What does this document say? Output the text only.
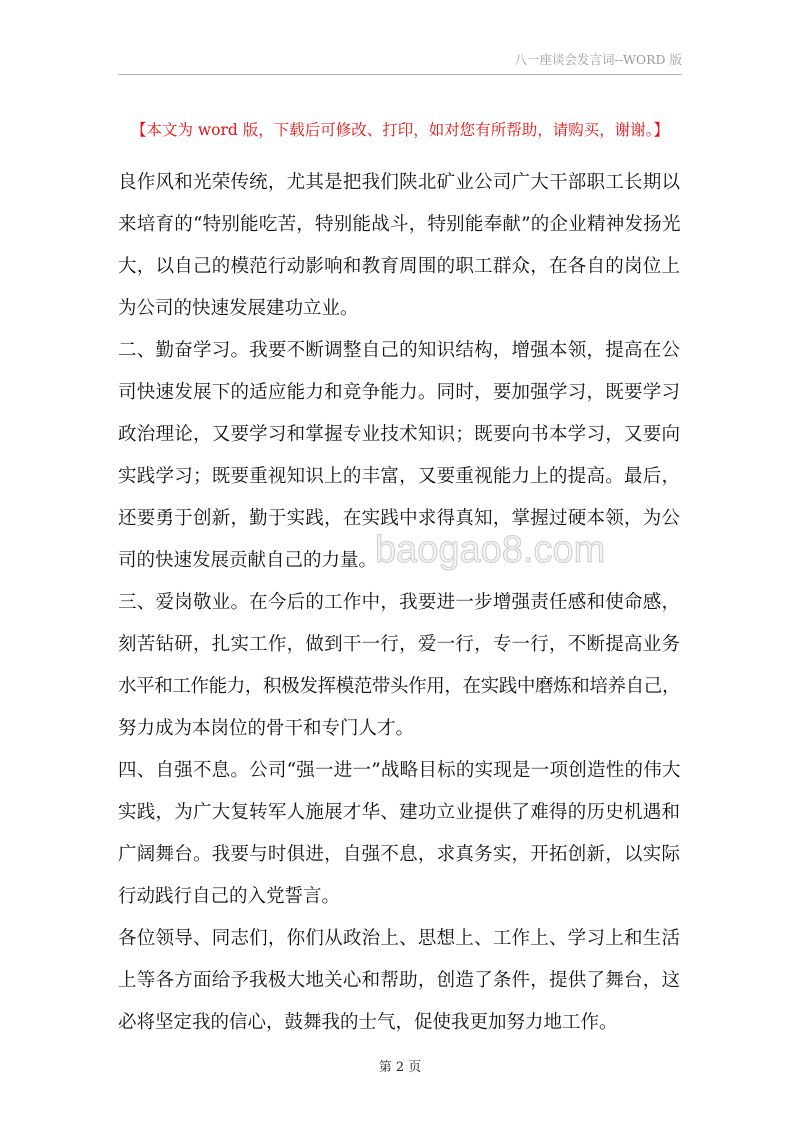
八一座谈会发言词--WORD 版
【本文为 word 版，下载后可修改、打印，如对您有所帮助，请购买，谢谢。】
良作风和光荣传统，尤其是把我们陕北矿业公司广大干部职工长期以
来培育的“特别能吃苦，特别能战斗，特别能奉献”的企业精神发扬光
大，以自己的模范行动影响和教育周围的职工群众，在各自的岗位上
为公司的快速发展建功立业。
二、勤奋学习。我要不断调整自己的知识结构，增强本领，提高在公
司快速发展下的适应能力和竞争能力。同时，要加强学习，既要学习
政治理论，又要学习和掌握专业技术知识；既要向书本学习，又要向
实践学习；既要重视知识上的丰富，又要重视能力上的提高。最后，
还要勇于创新，勤于实践，在实践中求得真知，掌握过硬本领，为公
司的快速发展贡献自己的力量。
三、爱岗敬业。在今后的工作中，我要进一步增强责任感和使命感，
刻苦钻研，扎实工作，做到干一行，爱一行，专一行，不断提高业务
水平和工作能力，积极发挥模范带头作用，在实践中磨炼和培养自己，
努力成为本岗位的骨干和专门人才。
四、自强不息。公司“强一进一”战略目标的实现是一项创造性的伟大
实践，为广大复转军人施展才华、建功立业提供了难得的历史机遇和
广阔舞台。我要与时俱进，自强不息，求真务实，开拓创新，以实际
行动践行自己的入党誓言。
各位领导、同志们，你们从政治上、思想上、工作上、学习上和生活
上等各方面给予我极大地关心和帮助，创造了条件，提供了舞台，这
必将坚定我的信心，鼓舞我的士气，促使我更加努力地工作。
baogao8.com
第 2 页
